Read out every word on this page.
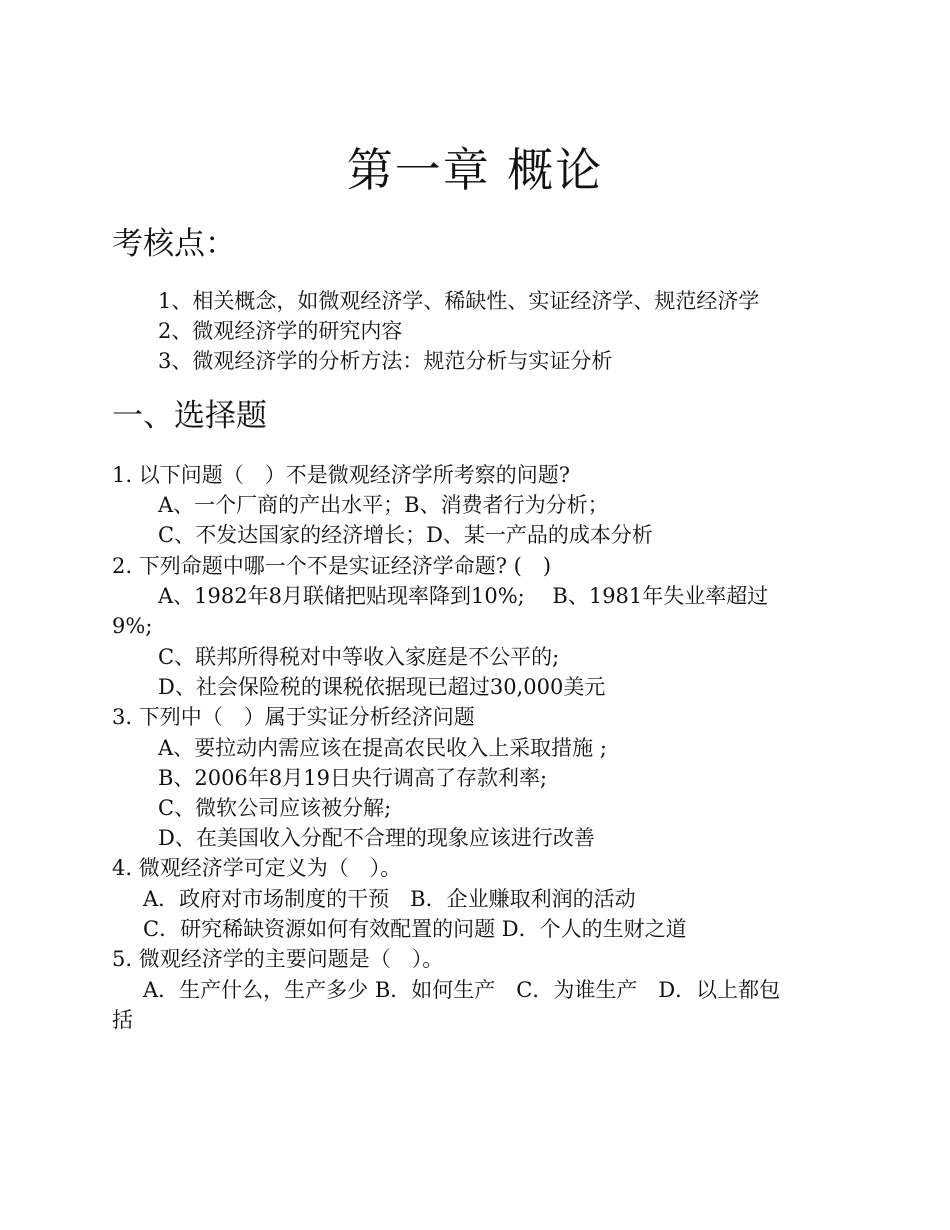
第一章 概论
考核点：
1、相关概念，如微观经济学、稀缺性、实证经济学、规范经济学
2、微观经济学的研究内容
3、微观经济学的分析方法：规范分析与实证分析
一、选择题
1. 以下问题（　）不是微观经济学所考察的问题?
A、一个厂商的产出水平；B、消费者行为分析；
C、不发达国家的经济增长；D、某一产品的成本分析
2. 下列命题中哪一个不是实证经济学命题? (　)
A、1982年8月联储把贴现率降到10%;　 B、1981年失业率超过
9%;
C、联邦所得税对中等收入家庭是不公平的;
D、社会保险税的课税依据现已超过30,000美元
3. 下列中（　）属于实证分析经济问题
A、要拉动内需应该在提高农民收入上采取措施 ;
B、2006年8月19日央行调高了存款利率;
C、微软公司应该被分解;
D、在美国收入分配不合理的现象应该进行改善
4. 微观经济学可定义为（　）。
A．政府对市场制度的干预　B．企业赚取利润的活动
C．研究稀缺资源如何有效配置的问题 D．个人的生财之道
5. 微观经济学的主要问题是（　）。
A．生产什么，生产多少 B．如何生产　C．为谁生产　D．以上都包
括
